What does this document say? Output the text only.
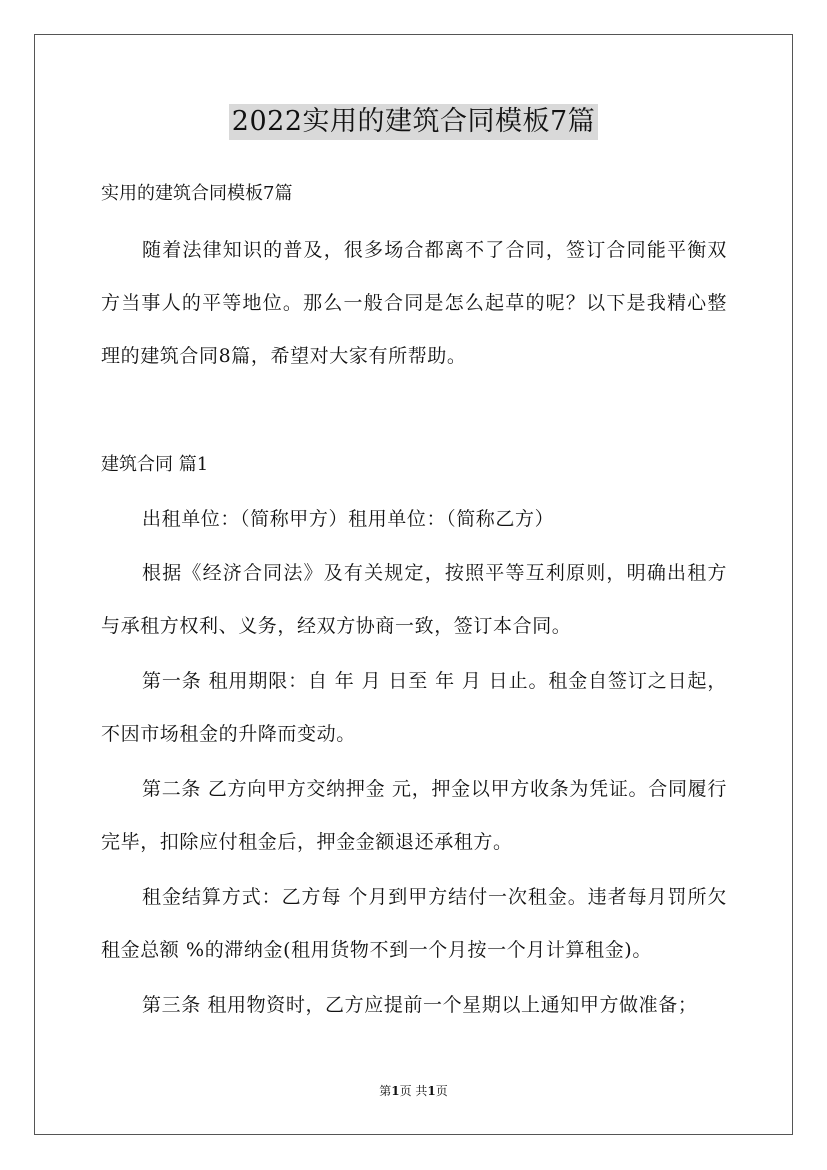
2022实用的建筑合同模板7篇
实用的建筑合同模板7篇

随着法律知识的普及，很多场合都离不了合同，签订合同能平衡双方当事人的平等地位。那么一般合同是怎么起草的呢？以下是我精心整理的建筑合同8篇，希望对大家有所帮助。

建筑合同 篇1

出租单位：（简称甲方）租用单位：（简称乙方）

根据《经济合同法》及有关规定，按照平等互利原则，明确出租方与承租方权利、义务，经双方协商一致，签订本合同。

第一条 租用期限：自 年 月 日至 年 月 日止。租金自签订之日起，不因市场租金的升降而变动。

第二条 乙方向甲方交纳押金 元，押金以甲方收条为凭证。合同履行完毕，扣除应付租金后，押金金额退还承租方。

租金结算方式：乙方每 个月到甲方结付一次租金。违者每月罚所欠租金总额 %的滞纳金(租用货物不到一个月按一个月计算租金)。

第三条 租用物资时，乙方应提前一个星期以上通知甲方做准备；

第1页 共1页
